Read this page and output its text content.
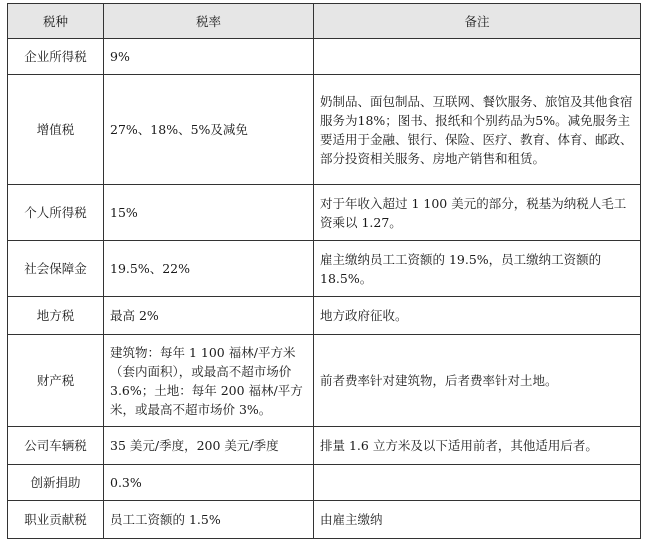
税种	税率	备注
企业所得税	9%	
增值税	27%、18%、5%及减免	奶制品、面包制品、互联网、餐饮服务、旅馆及其他食宿服务为18%；图书、报纸和个别药品为5%。减免服务主要适用于金融、银行、保险、医疗、教育、体育、邮政、部分投资相关服务、房地产销售和租赁。
个人所得税	15%	对于年收入超过 1 100 美元的部分，税基为纳税人毛工资乘以 1.27。
社会保障金	19.5%、22%	雇主缴纳员工工资额的 19.5%，员工缴纳工资额的 18.5%。
地方税	最高 2%	地方政府征收。
财产税	建筑物：每年 1 100 福林/平方米（套内面积），或最高不超市场价 3.6%；土地：每年 200 福林/平方米，或最高不超市场价 3%。	前者费率针对建筑物，后者费率针对土地。
公司车辆税	35 美元/季度，200 美元/季度	排量 1.6 立方米及以下适用前者，其他适用后者。
创新捐助	0.3%	
职业贡献税	员工工资额的 1.5%	由雇主缴纳
